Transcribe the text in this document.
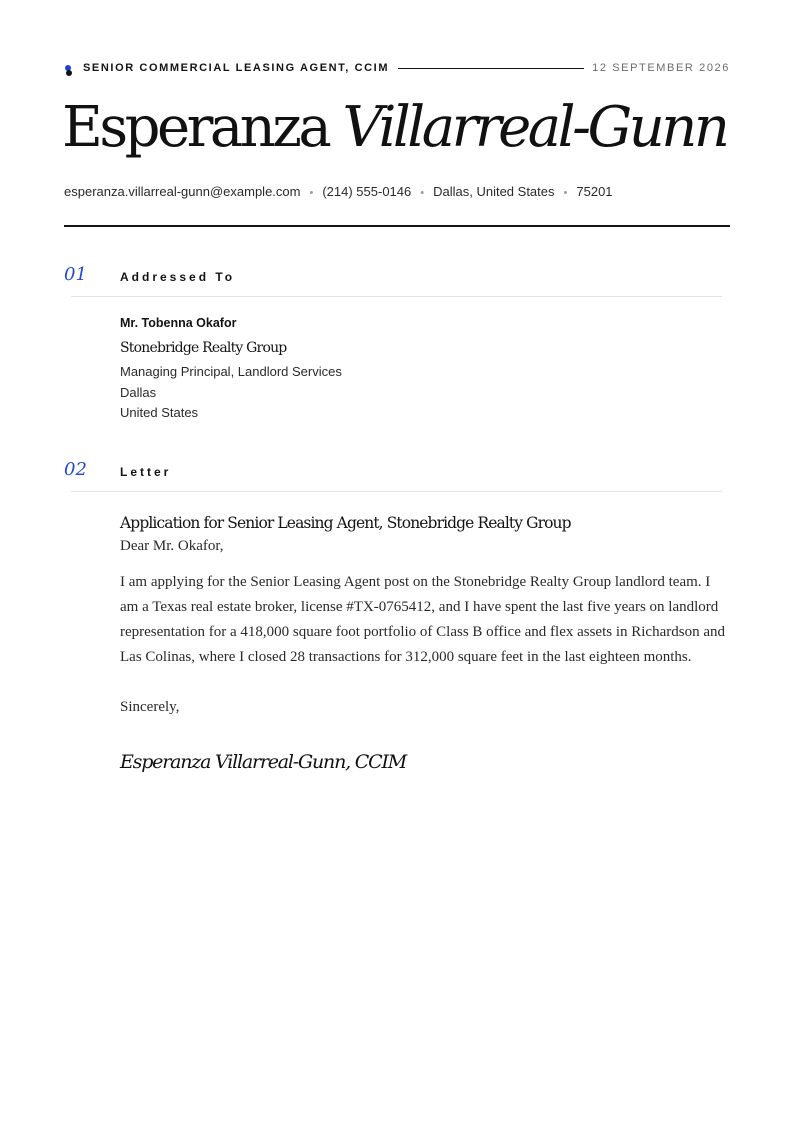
SENIOR COMMERCIAL LEASING AGENT, CCIM	12 SEPTEMBER 2026
Esperanza Villarreal-Gunn
esperanza.villarreal-gunn@example.com • (214) 555-0146 • Dallas, United States • 75201
01	Addressed To
Mr. Tobenna Okafor
Stonebridge Realty Group
Managing Principal, Landlord Services
Dallas
United States
02	Letter
Application for Senior Leasing Agent, Stonebridge Realty Group
Dear Mr. Okafor,
I am applying for the Senior Leasing Agent post on the Stonebridge Realty Group landlord team. I am a Texas real estate broker, license #TX-0765412, and I have spent the last five years on landlord representation for a 418,000 square foot portfolio of Class B office and flex assets in Richardson and Las Colinas, where I closed 28 transactions for 312,000 square feet in the last eighteen months.
Sincerely,
Esperanza Villarreal-Gunn, CCIM
